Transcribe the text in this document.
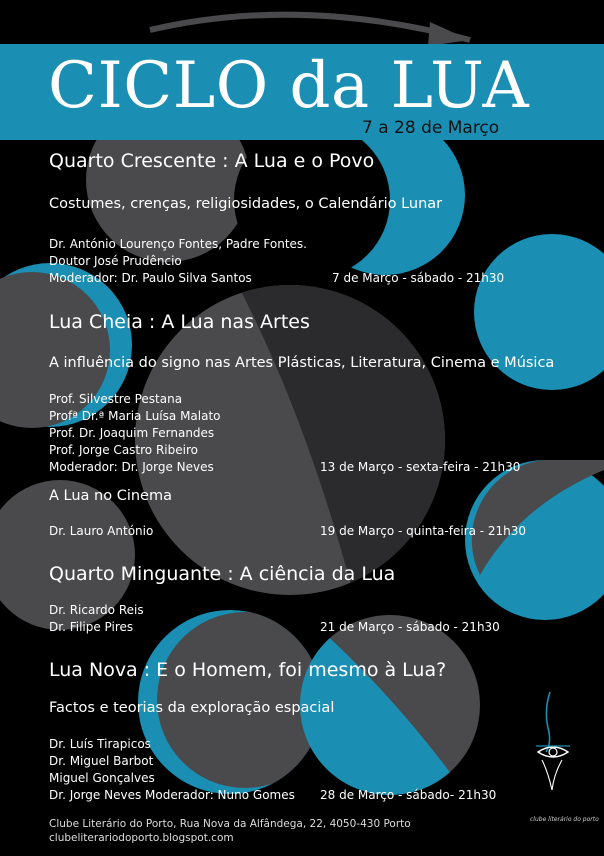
CICLO da LUA
7 a 28 de Março
Quarto Crescente : A Lua e o Povo
Costumes, crenças, religiosidades, o Calendário Lunar
Dr. António Lourenço Fontes, Padre Fontes.
Doutor José Prudêncio
Moderador: Dr. Paulo Silva Santos	7 de Março - sábado - 21h30
Lua Cheia : A Lua nas Artes
A influência do signo nas Artes Plásticas, Literatura, Cinema e Música
Prof. Silvestre Pestana
Profª Dr.ª Maria Luísa Malato
Prof. Dr. Joaquim Fernandes
Prof. Jorge Castro Ribeiro
Moderador: Dr. Jorge Neves	13 de Março - sexta-feira - 21h30
A Lua no Cinema
Dr. Lauro António	19 de Março - quinta-feira - 21h30
Quarto Minguante : A ciência da Lua
Dr. Ricardo Reis
Dr. Filipe Pires	21 de Março - sábado - 21h30
Lua Nova : E o Homem, foi mesmo à Lua?
Factos e teorias da exploração espacial
Dr. Luís Tirapicos
Dr. Miguel Barbot
Miguel Gonçalves
Dr. Jorge Neves Moderador: Nuno Gomes 28 de Março - sábado- 21h30
Clube Literário do Porto, Rua Nova da Alfândega, 22, 4050-430 Porto
clubeliterariodoporto.blogspot.com
clube literário do porto
